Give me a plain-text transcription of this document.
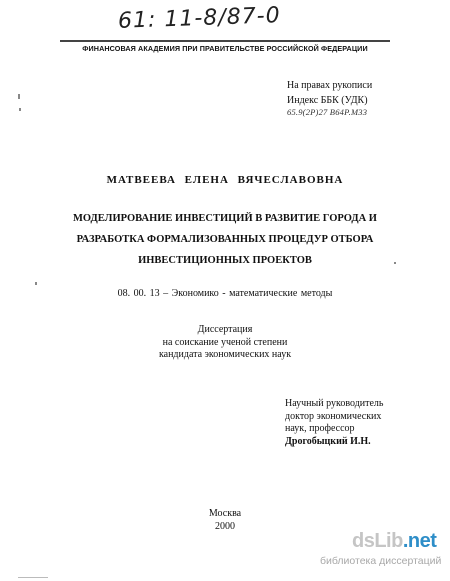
61: 11-8/87-0
ФИНАНСОВАЯ АКАДЕМИЯ ПРИ ПРАВИТЕЛЬСТВЕ РОССИЙСКОЙ ФЕДЕРАЦИИ
На правах рукописи
Индекс ББК (УДК)
65.9(2Р)27 В64Р.М33
МАТВЕЕВА ЕЛЕНА ВЯЧЕСЛАВОВНА
МОДЕЛИРОВАНИЕ ИНВЕСТИЦИЙ В РАЗВИТИЕ ГОРОДА И
РАЗРАБОТКА ФОРМАЛИЗОВАННЫХ ПРОЦЕДУР ОТБОРА
ИНВЕСТИЦИОННЫХ ПРОЕКТОВ
08. 00. 13 – Экономико - математические методы
Диссертация
на соискание ученой степени
кандидата экономических наук
Научный руководитель
доктор экономических
наук, профессор
Дрогобыцкий И.Н.
Москва
2000
dsLib.net
библиотека диссертаций
